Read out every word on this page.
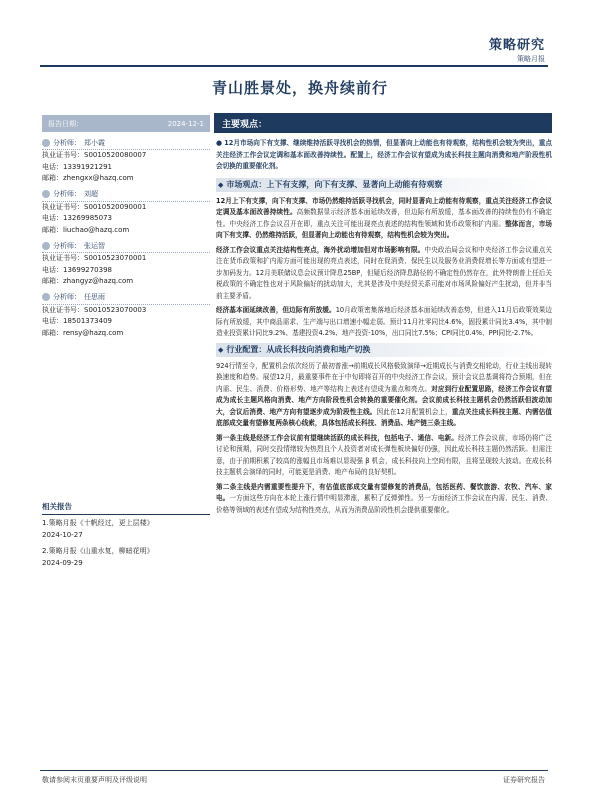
策略研究
策略月报
青山胜景处，换舟续前行
报告日期：	2024-12-1
分析师： 郑小霞
执业证书号：S0010520080007
电话：13391921291
邮箱：zhengxx@hazq.com
分析师： 刘超
执业证书号：S0010520090001
电话：13269985073
邮箱：liuchao@hazq.com
分析师： 张运智
执业证书号：S0010523070001
电话：13699270398
邮箱：zhangyz@hazq.com
分析师： 任思雨
执业证书号：S0010523070003
电话：18501373409
邮箱：rensy@hazq.com
相关报告
1.策略月报《十帆经过，更上层楼》
2024-10-27
2.策略月报《山重水复，柳暗花明》
2024-09-29
主要观点：
● 12月市场向下有支撑、继续维持活跃寻找机会的热情，但显著向上动能也有待观察，结构性机会较为突出，重点关注经济工作会议定调和基本面改善持续性。配置上，经济工作会议有望成为成长科技主题向消费和地产阶段性机会切换的重要催化剂。
◆ 市场观点：上下有支撑，向下有支撑、显著向上动能有待观察
12月上下有支撑，向下有支撑、市场仍然维持活跃寻找机会，同时显著向上动能有待观察，重点关注经济工作会议定调及基本面改善持续性。高频数据显示经济基本面延续改善，但边际有所放缓，基本面改善的持续性仍有不确定性。中央经济工作会议召开在即，重点关注可能出现亮点表述的结构性领域和货币政策和扩内需。整体而言，市场向下有支撑、仍然维持活跃，但显著向上动能也有待观察，结构性机会较为突出。
经济工作会议重点关注结构性亮点，海外扰动增加但对市场影响有限。中央政治局会议和中央经济工作会议重点关注在货币政策和扩内需方面可能出现的亮点表述，同时在促消费、保民生以及服务业消费促增长等方面或有望进一步加码发力。12月美联储议息会议预计降息25BP，但疑后经济降息路径的不确定性仍然存在，此外特朗普上任后关税政策的不确定性也对于风险偏好的扰动加大，尤其是涉及中美经贸关系可能对市场风险偏好产生扰动，但并非当前主要矛盾。
经济基本面延续改善，但边际有所放缓。10月政策密集落地后经济基本面延续改善态势，但进入11月后政策效果边际有所放缓，其中商品需求、生产端与出口增速小幅走弱。预计11月社零同比4.6%，固投累计同比3.4%，其中制造业投资累计同比9.2%、基建投资4.2%、地产投资-10%，出口同比7.5%；CPI同比0.4%、PPI同比-2.7%。
◆ 行业配置：从成长科技向消费和地产切换
924行情至今，配置机会依次经历了最初普涨→前期成长风格极致演绎→近期成长与消费交相轮动，行业主线出现转换速度和趋势。展望12月，最重要事件在于中旬即将召开的中央经济工作会议，预计会议总基调将符合预期，但在内需、民生、消费、价格形势、地产等结构上表述有望成为重点和亮点。对应到行业配置思路，经济工作会议有望成为成长主题风格向消费、地产方向阶段性机会转换的重要催化剂。会议前成长科技主题机会仍然活跃但波动加大，会议后消费、地产方向有望逐步成为阶段性主线。因此在12月配置机会上，重点关注成长科技主题、内需估值底部成交量有望修复两条核心线索，具体包括成长科技、消费品、地产链三条主线。
第一条主线是经济工作会议前有望继续活跃的成长科技，包括电子、通信、电新。经济工作会议前，市场仍将广泛讨论和预期，同时交投情绪较为热烈且个人投资者对成长弹性板块偏好仍强，因此成长科技主题仍然活跃。但需注意，由于前期积累了较高的涨幅且市场难以显现强 β 机会，成长科技向上空间有限，且将呈现较大波动。在成长科技主题机会演绎的同时，可能更是消费、地产布局的良好契机。
第二条主线是内需重要性提升下，有估值底部成交量有望修复的消费品，包括医药、餐饮旅游、农牧、汽车、家电。一方面这些方向在本轮上涨行情中明显滞涨，累积了反弹弹性。另一方面经济工作会议在内需、民生、消费、价格等领域的表述有望成为结构性亮点，从而为消费品阶段性机会提供重要催化。
敬请参阅末页重要声明及评级说明	证券研究报告
